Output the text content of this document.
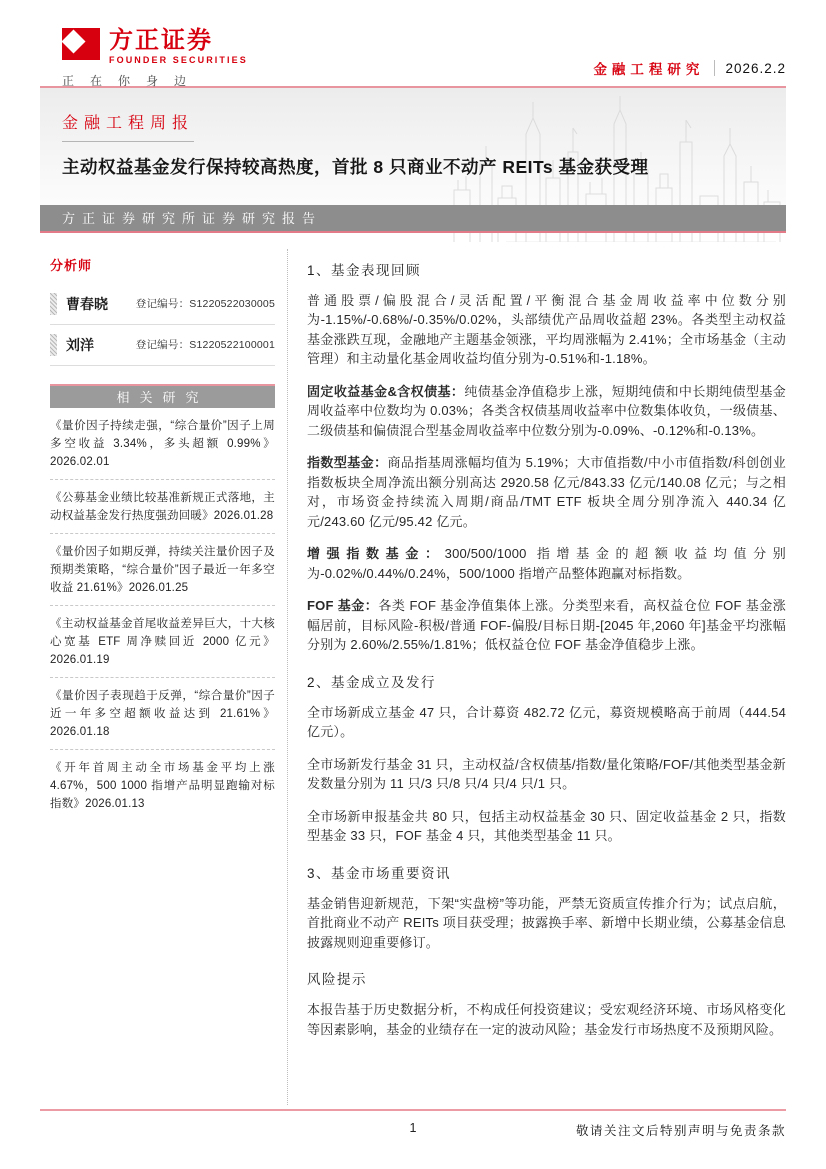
方正证券
FOUNDER SECURITIES
正在你身边
金融工程研究 2026.2.2
金融工程周报
主动权益基金发行保持较高热度，首批 8 只商业不动产 REITs 基金获受理
方正证券研究所证券研究报告
分析师
曹春晓	登记编号：S1220522030005
刘洋	登记编号：S1220522100001
相关研究
《量价因子持续走强，“综合量价”因子上周多空收益 3.34%，多头超额 0.99%》2026.02.01
《公募基金业绩比较基准新规正式落地，主动权益基金发行热度强劲回暖》2026.01.28
《量价因子如期反弹，持续关注量价因子及预期类策略，“综合量价”因子最近一年多空收益 21.61%》2026.01.25
《主动权益基金首尾收益差异巨大，十大核心宽基 ETF 周净赎回近 2000 亿元》2026.01.19
《量价因子表现趋于反弹，“综合量价”因子近一年多空超额收益达到 21.61%》2026.01.18
《开年首周主动全市场基金平均上涨 4.67%，500 1000 指增产品明显跑输对标指数》2026.01.13
1、基金表现回顾

普通股票/偏股混合/灵活配置/平衡混合基金周收益率中位数分别为-1.15%/-0.68%/-0.35%/0.02%，头部绩优产品周收益超 23%。各类型主动权益基金涨跌互现，金融地产主题基金领涨，平均周涨幅为 2.41%；全市场基金（主动管理）和主动量化基金周收益均值分别为-0.51%和-1.18%。

固定收益基金&含权债基：纯债基金净值稳步上涨，短期纯债和中长期纯债型基金周收益率中位数均为 0.03%；各类含权债基周收益率中位数集体收负，一级债基、二级债基和偏债混合型基金周收益率中位数分别为-0.09%、-0.12%和-0.13%。

指数型基金：商品指基周涨幅均值为 5.19%；大市值指数/中小市值指数/科创创业指数板块全周净流出额分别高达 2920.58 亿元/843.33 亿元/140.08 亿元；与之相对，市场资金持续流入周期/商品/TMT ETF 板块全周分别净流入 440.34 亿元/243.60 亿元/95.42 亿元。

增强指数基金：300/500/1000 指增基金的超额收益均值分别为-0.02%/0.44%/0.24%，500/1000 指增产品整体跑赢对标指数。

FOF 基金：各类 FOF 基金净值集体上涨。分类型来看，高权益仓位 FOF 基金涨幅居前，目标风险-积极/普通 FOF-偏股/目标日期-[2045 年,2060 年]基金平均涨幅分别为 2.60%/2.55%/1.81%；低权益仓位 FOF 基金净值稳步上涨。

2、基金成立及发行

全市场新成立基金 47 只，合计募资 482.72 亿元，募资规模略高于前周（444.54 亿元）。

全市场新发行基金 31 只，主动权益/含权债基/指数/量化策略/FOF/其他类型基金新发数量分别为 11 只/3 只/8 只/4 只/4 只/1 只。

全市场新申报基金共 80 只，包括主动权益基金 30 只、固定收益基金 2 只，指数型基金 33 只，FOF 基金 4 只，其他类型基金 11 只。

3、基金市场重要资讯

基金销售迎新规范，下架“实盘榜”等功能，严禁无资质宣传推介行为；试点启航，首批商业不动产 REITs 项目获受理；披露换手率、新增中长期业绩，公募基金信息披露规则迎重要修订。

风险提示

本报告基于历史数据分析，不构成任何投资建议；受宏观经济环境、市场风格变化等因素影响，基金的业绩存在一定的波动风险；基金发行市场热度不及预期风险。

1	敬请关注文后特别声明与免责条款
